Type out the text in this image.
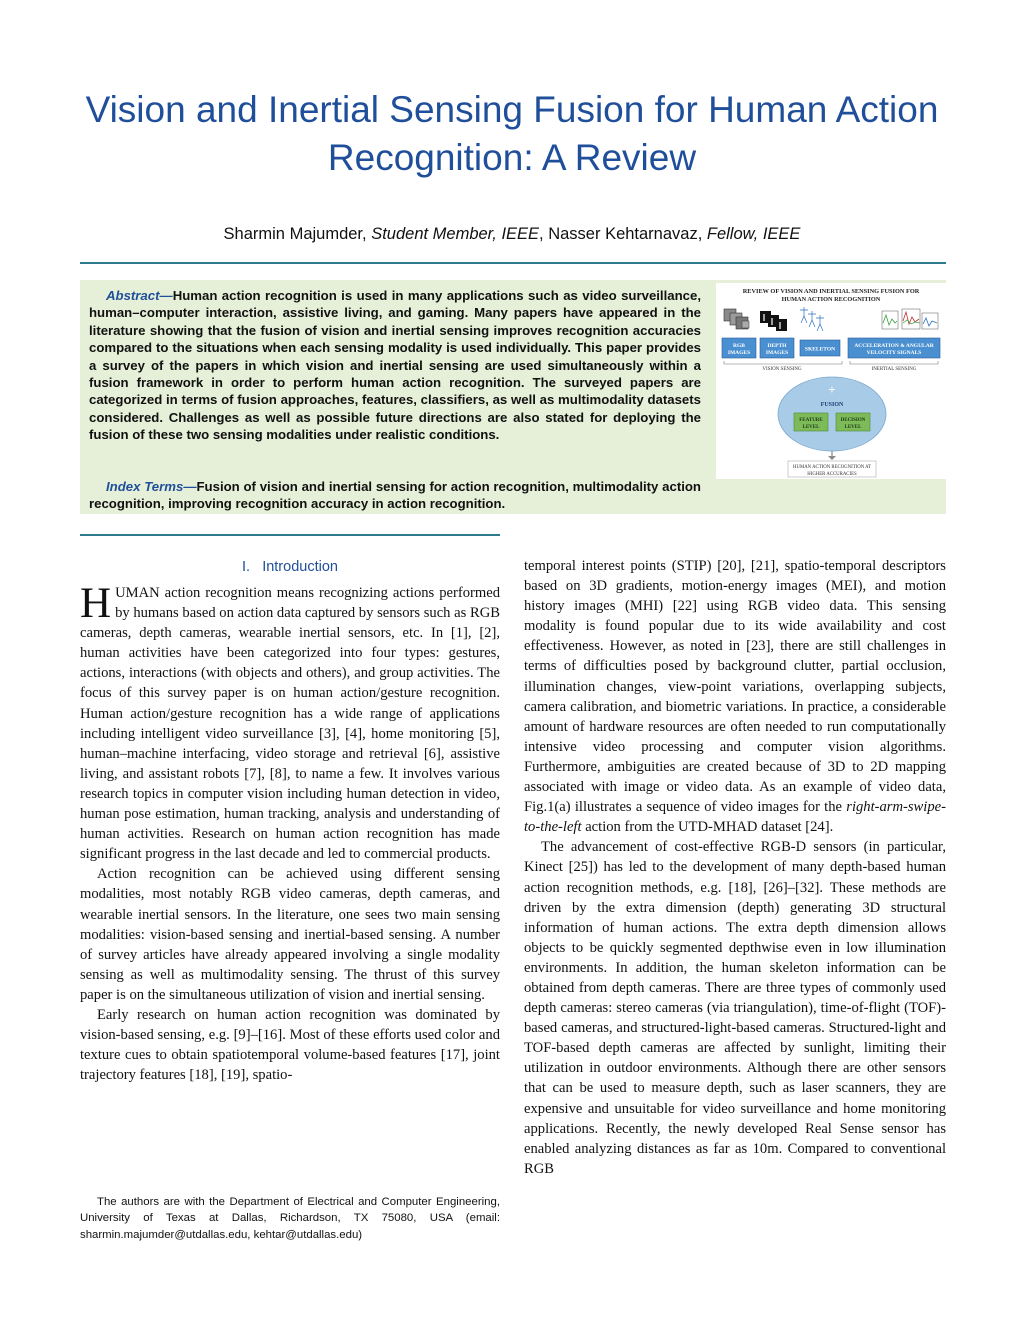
Vision and Inertial Sensing Fusion for Human Action Recognition: A Review
Sharmin Majumder, Student Member, IEEE, Nasser Kehtarnavaz, Fellow, IEEE

Abstract—Human action recognition is used in many applications such as video surveillance, human–computer interaction, assistive living, and gaming. Many papers have appeared in the literature showing that the fusion of vision and inertial sensing improves recognition accuracies compared to the situations when each sensing modality is used individually. This paper provides a survey of the papers in which vision and inertial sensing are used simultaneously within a fusion framework in order to perform human action recognition. The surveyed papers are categorized in terms of fusion approaches, features, classifiers, as well as multimodality datasets considered. Challenges as well as possible future directions are also stated for deploying the fusion of these two sensing modalities under realistic conditions.

Index Terms—Fusion of vision and inertial sensing for action recognition, multimodality action recognition, improving recognition accuracy in action recognition.

REVIEW OF VISION AND INERTIAL SENSING FUSION FOR
HUMAN ACTION RECOGNITION
RGB
IMAGES
DEPTH
IMAGES
SKELETON
ACCELERATION & ANGULAR
VELOCITY SIGNALS
VISION SENSING	INERTIAL SENSING
+
FUSION
FEATURE
LEVEL
DECISION
LEVEL
HUMAN ACTION RECOGNITION AT
HIGHER ACCURACIES
I. Introduction

HUMAN action recognition means recognizing actions performed by humans based on action data captured by sensors such as RGB cameras, depth cameras, wearable inertial sensors, etc. In [1], [2], human activities have been categorized into four types: gestures, actions, interactions (with objects and others), and group activities. The focus of this survey paper is on human action/gesture recognition. Human action/gesture recognition has a wide range of applications including intelligent video surveillance [3], [4], home monitoring [5], human–machine interfacing, video storage and retrieval [6], assistive living, and assistant robots [7], [8], to name a few. It involves various research topics in computer vision including human detection in video, human pose estimation, human tracking, analysis and understanding of human activities. Research on human action recognition has made significant progress in the last decade and led to commercial products.

Action recognition can be achieved using different sensing modalities, most notably RGB video cameras, depth cameras, and wearable inertial sensors. In the literature, one sees two main sensing modalities: vision-based sensing and inertial-based sensing. A number of survey articles have already appeared involving a single modality sensing as well as multimodality sensing. The thrust of this survey paper is on the simultaneous utilization of vision and inertial sensing.

Early research on human action recognition was dominated by vision-based sensing, e.g. [9]–[16]. Most of these efforts used color and texture cues to obtain spatiotemporal volume-based features [17], joint trajectory features [18], [19], spatio-

The authors are with the Department of Electrical and Computer Engineering, University of Texas at Dallas, Richardson, TX 75080, USA (email: sharmin.majumder@utdallas.edu, kehtar@utdallas.edu)

temporal interest points (STIP) [20], [21], spatio-temporal descriptors based on 3D gradients, motion-energy images (MEI), and motion history images (MHI) [22] using RGB video data. This sensing modality is found popular due to its wide availability and cost effectiveness. However, as noted in [23], there are still challenges in terms of difficulties posed by background clutter, partial occlusion, illumination changes, view-point variations, overlapping subjects, camera calibration, and biometric variations. In practice, a considerable amount of hardware resources are often needed to run computationally intensive video processing and computer vision algorithms. Furthermore, ambiguities are created because of 3D to 2D mapping associated with image or video data. As an example of video data, Fig.1(a) illustrates a sequence of video images for the right-arm-swipe-to-the-left action from the UTD-MHAD dataset [24].

The advancement of cost-effective RGB-D sensors (in particular, Kinect [25]) has led to the development of many depth-based human action recognition methods, e.g. [18], [26]–[32]. These methods are driven by the extra dimension (depth) generating 3D structural information of human actions. The extra depth dimension allows objects to be quickly segmented depthwise even in low illumination environments. In addition, the human skeleton information can be obtained from depth cameras. There are three types of commonly used depth cameras: stereo cameras (via triangulation), time-of-flight (TOF)-based cameras, and structured-light-based cameras. Structured-light and TOF-based depth cameras are affected by sunlight, limiting their utilization in outdoor environments. Although there are other sensors that can be used to measure depth, such as laser scanners, they are expensive and unsuitable for video surveillance and home monitoring applications. Recently, the newly developed Real Sense sensor has enabled analyzing distances as far as 10m. Compared to conventional RGB
